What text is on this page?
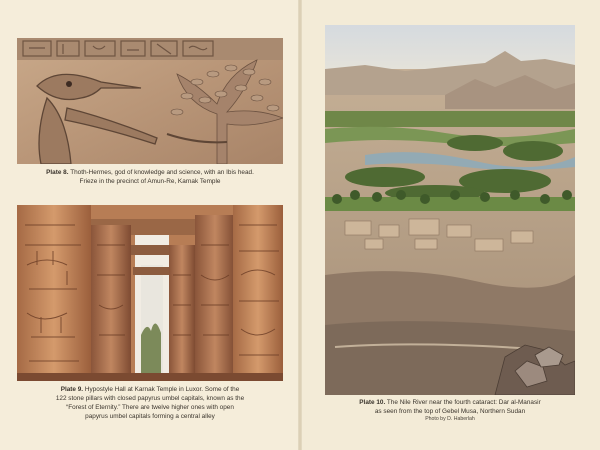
Plate 8. Thoth-Hermes, god of knowledge and science, with an Ibis head.
Frieze in the precinct of Amun-Re, Karnak Temple
Plate 9. Hypostyle Hall at Karnak Temple in Luxor. Some of the
122 stone pillars with closed papyrus umbel capitals, known as the
“Forest of Eternity.” There are twelve higher ones with open
papyrus umbel capitals forming a central alley
Plate 10. The Nile River near the fourth cataract: Dar al-Manasir
as seen from the top of Gebel Musa, Northern Sudan
Photo by D. Haberlah
